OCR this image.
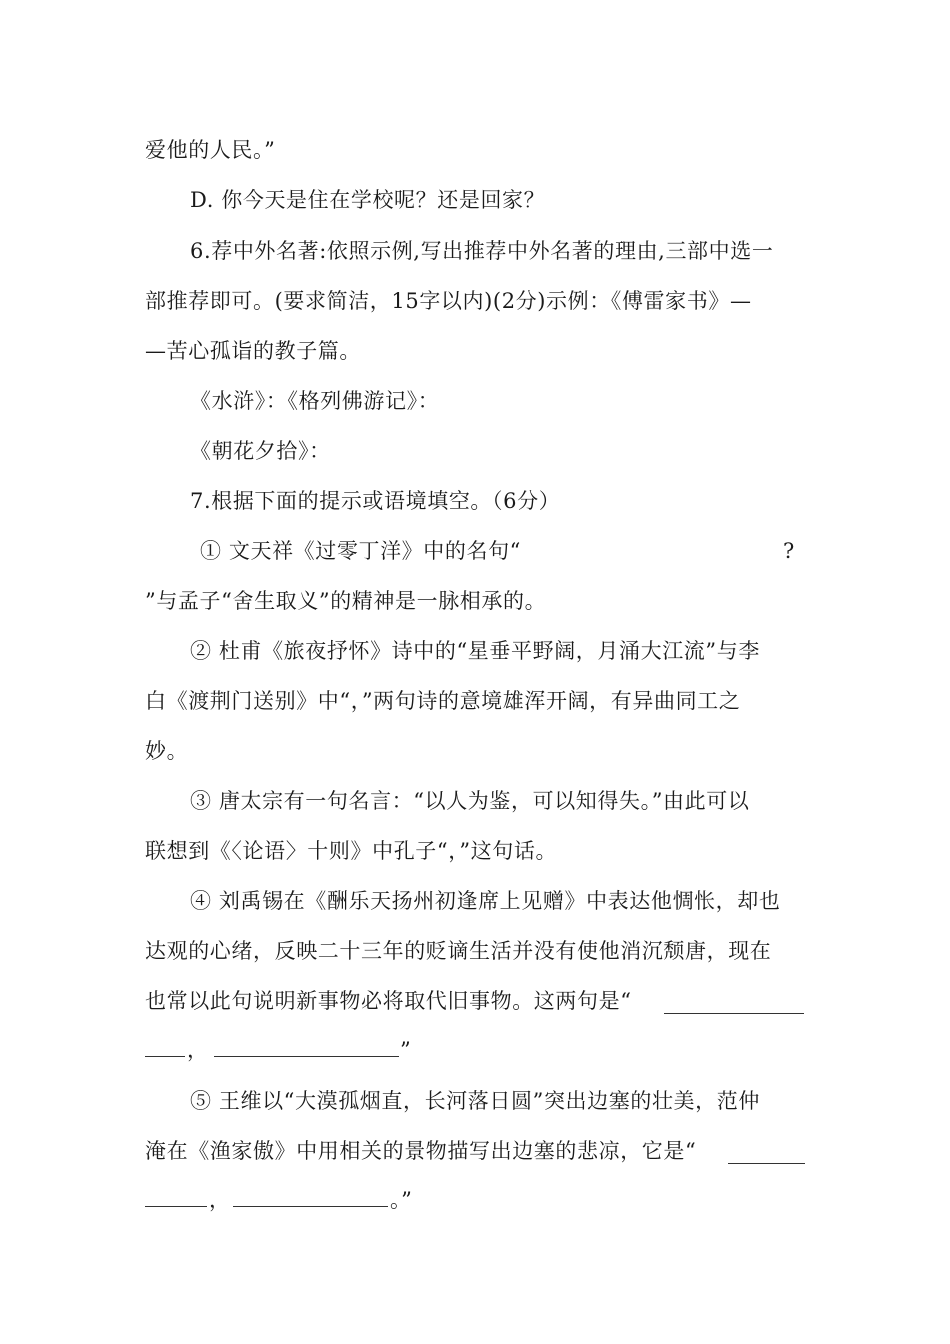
爱他的人民。”
D. 你今天是住在学校呢？还是回家？
6.荐中外名著:依照示例,写出推荐中外名著的理由,三部中选一
部推荐即可。(要求简洁，15字以内)(2分)示例：《傅雷家书》—
—苦心孤诣的教子篇。
《水浒》：《格列佛游记》：
《朝花夕拾》：
7.根据下面的提示或语境填空。（6分）
① 文天祥《过零丁洋》中的名句“	?
”与孟子“舍生取义”的精神是一脉相承的。
② 杜甫《旅夜抒怀》诗中的“星垂平野阔，月涌大江流”与李
白《渡荆门送别》中“，”两句诗的意境雄浑开阔，有异曲同工之
妙。
③ 唐太宗有一句名言：“以人为鉴，可以知得失。”由此可以
联想到《〈论语〉十则》中孔子“，”这句话。
④ 刘禹锡在《酬乐天扬州初逢席上见赠》中表达他惆怅，却也
达观的心绪，反映二十三年的贬谪生活并没有使他消沉颓唐，现在
也常以此句说明新事物必将取代旧事物。这两句是“
，	”
⑤ 王维以“大漠孤烟直，长河落日圆”突出边塞的壮美，范仲
淹在《渔家傲》中用相关的景物描写出边塞的悲凉，它是“
，	。”
